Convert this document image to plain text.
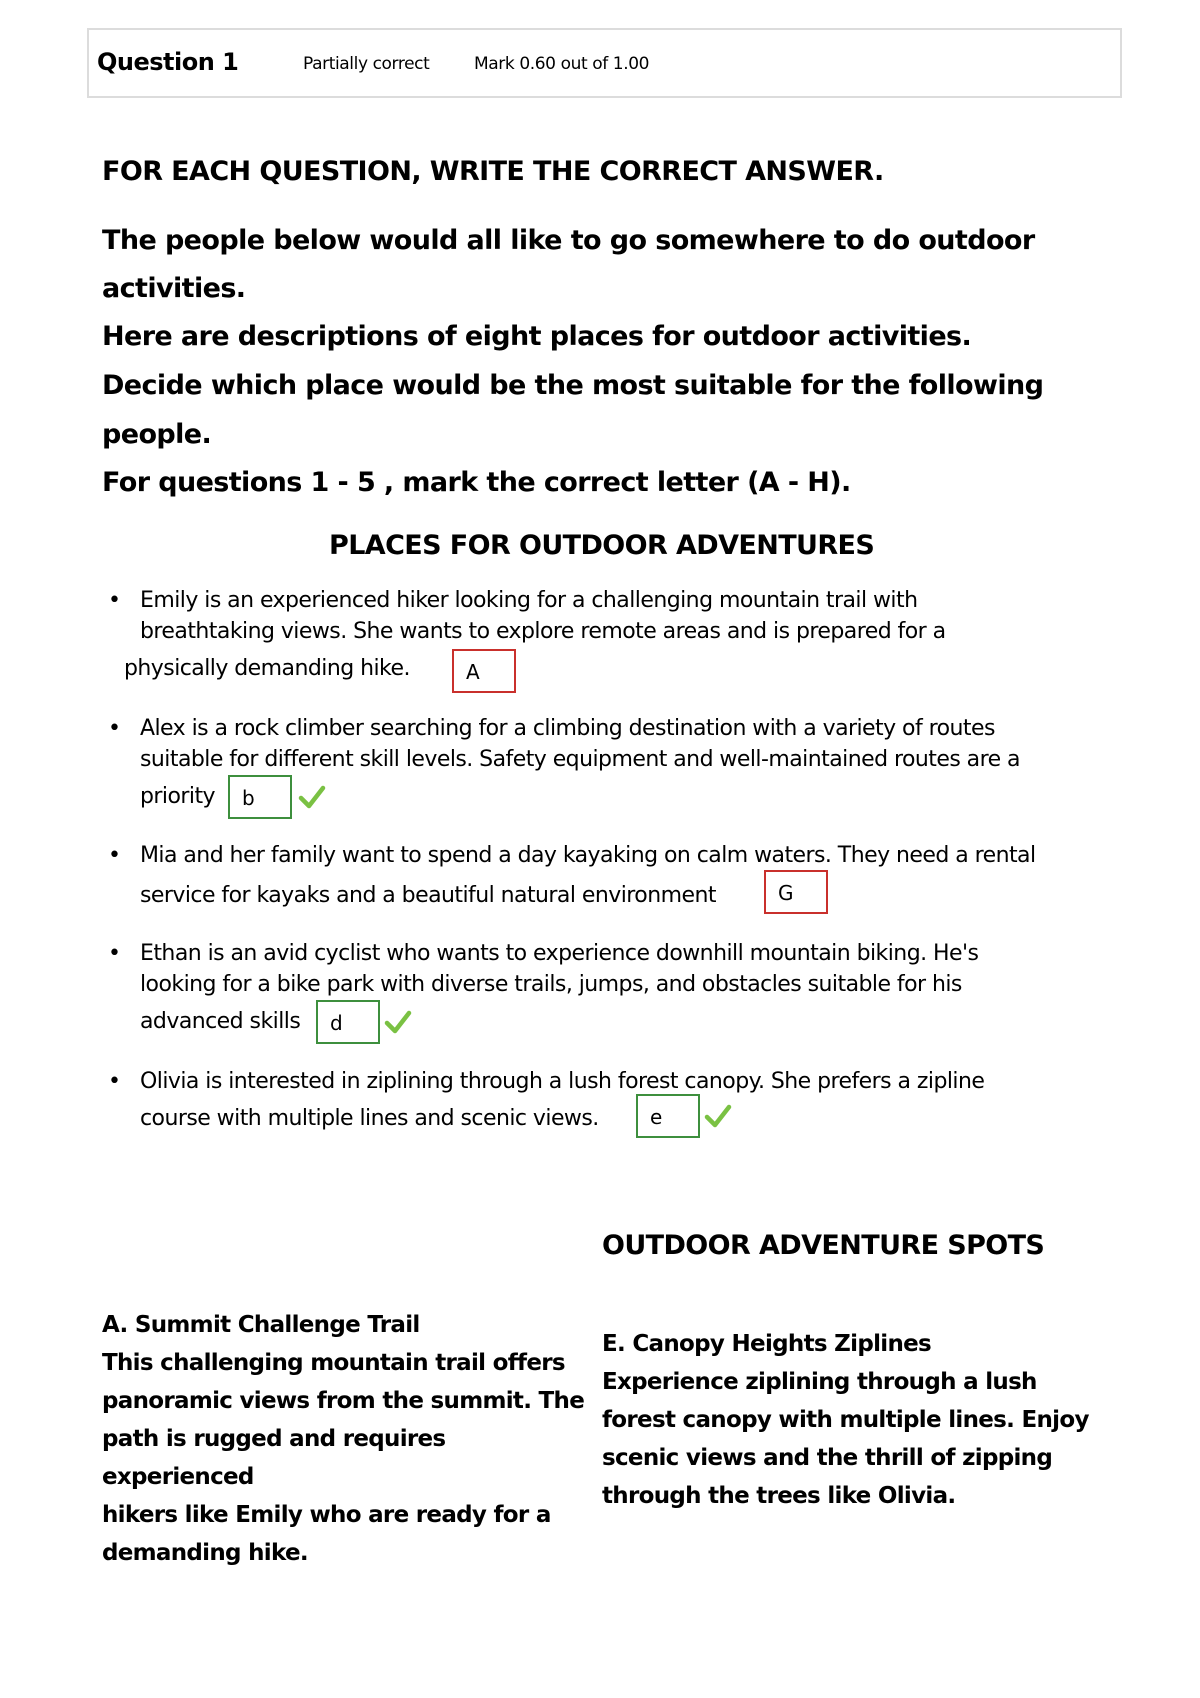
Question 1	Partially correct	Mark 0.60 out of 1.00
FOR EACH QUESTION, WRITE THE CORRECT ANSWER.
The people below would all like to go somewhere to do outdoor
activities.
Here are descriptions of eight places for outdoor activities.
Decide which place would be the most suitable for the following
people.
For questions 1 - 5 , mark the correct letter (A - H).
PLACES FOR OUTDOOR ADVENTURES
• Emily is an experienced hiker looking for a challenging mountain trail with
breathtaking views. She wants to explore remote areas and is prepared for a
physically demanding hike.	A
• Alex is a rock climber searching for a climbing destination with a variety of routes
suitable for different skill levels. Safety equipment and well-maintained routes are a
priority	b
• Mia and her family want to spend a day kayaking on calm waters. They need a rental
service for kayaks and a beautiful natural environment	G
• Ethan is an avid cyclist who wants to experience downhill mountain biking. He's
looking for a bike park with diverse trails, jumps, and obstacles suitable for his
advanced skills	d
• Olivia is interested in ziplining through a lush forest canopy. She prefers a zipline
course with multiple lines and scenic views.	e
OUTDOOR ADVENTURE SPOTS
A. Summit Challenge Trail
This challenging mountain trail offers
panoramic views from the summit. The
path is rugged and requires experienced
hikers like Emily who are ready for a
demanding hike.
E. Canopy Heights Ziplines
Experience ziplining through a lush
forest canopy with multiple lines. Enjoy
scenic views and the thrill of zipping
through the trees like Olivia.
